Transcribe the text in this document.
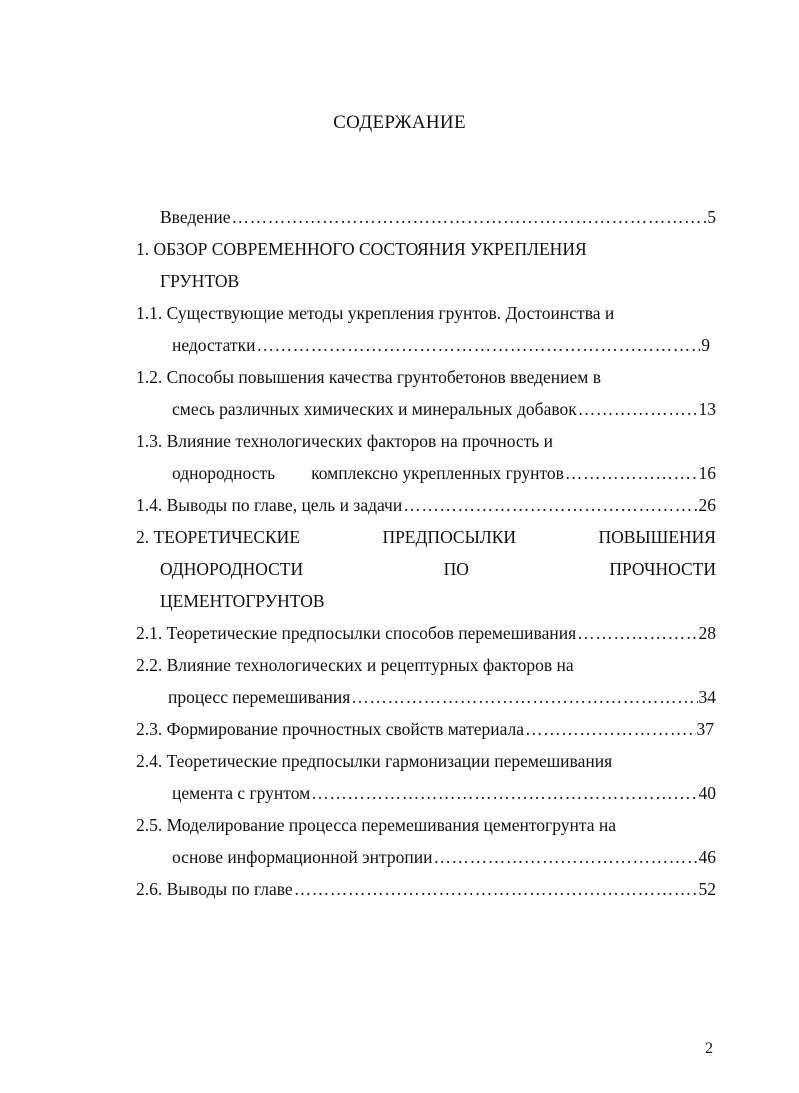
СОДЕРЖАНИЕ
Введение …………………………………………………………………………………………………………………………………………………………	5
1. ОБЗОР СОВРЕМЕННОГО СОСТОЯНИЯ УКРЕПЛЕНИЯ
ГРУНТОВ
1.1. Существующие методы укрепления грунтов. Достоинства и
недостатки …………………………………………………………………………………………………………………………………………………………	9
1.2. Способы повышения качества грунтобетонов введением в
смесь различных химических и минеральных добавок …………………………………………………………………………………………………………………………………………………………	13
1.3. Влияние технологических факторов на прочность и
однородность комплексно укрепленных грунтов …………………………………………………………………………………………………………………………………………………………	16
1.4. Выводы по главе, цель и задачи …………………………………………………………………………………………………………………………………………………………	26
2. ТЕОРЕТИЧЕСКИЕ	ПРЕДПОСЫЛКИ	ПОВЫШЕНИЯ
ОДНОРОДНОСТИ	ПО	ПРОЧНОСТИ
ЦЕМЕНТОГРУНТОВ
2.1. Теоретические предпосылки способов перемешивания …………………………………………………………………………………………………………………………………………………………	28
2.2. Влияние технологических и рецептурных факторов на
процесс перемешивания …………………………………………………………………………………………………………………………………………………………	34
2.3. Формирование прочностных свойств материала …………………………………………………………………………………………………………………………………………………………	37
2.4. Теоретические предпосылки гармонизации перемешивания
цемента с грунтом …………………………………………………………………………………………………………………………………………………………	40
2.5. Моделирование процесса перемешивания цементогрунта на
основе информационной энтропии …………………………………………………………………………………………………………………………………………………………	46
2.6. Выводы по главе …………………………………………………………………………………………………………………………………………………………	52
2
